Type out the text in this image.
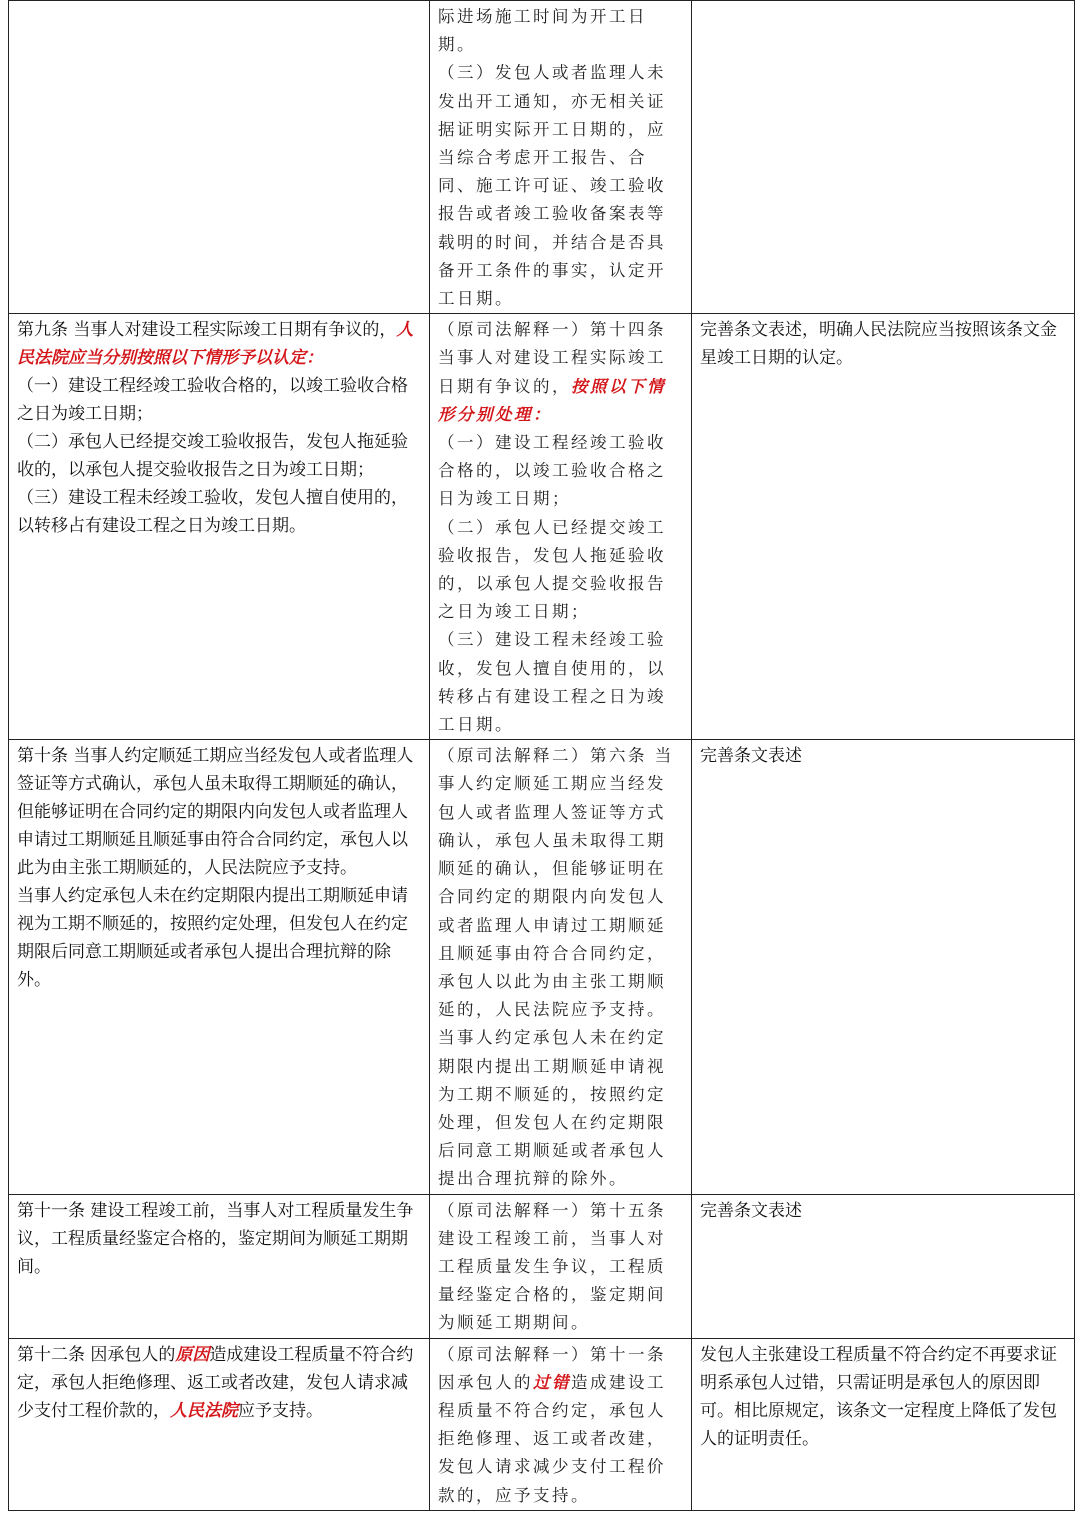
	际进场施工时间为开工日期。
（三）发包人或者监理人未发出开工通知，亦无相关证据证明实际开工日期的，应当综合考虑开工报告、合同、施工许可证、竣工验收报告或者竣工验收备案表等载明的时间，并结合是否具备开工条件的事实，认定开工日期。	

第九条 当事人对建设工程实际竣工日期有争议的，人民法院应当分别按照以下情形予以认定：
（一）建设工程经竣工验收合格的，以竣工验收合格之日为竣工日期；
（二）承包人已经提交竣工验收报告，发包人拖延验收的，以承包人提交验收报告之日为竣工日期；
（三）建设工程未经竣工验收，发包人擅自使用的，以转移占有建设工程之日为竣工日期。	（原司法解释一）第十四条 当事人对建设工程实际竣工日期有争议的，按照以下情形分别处理：
（一）建设工程经竣工验收合格的，以竣工验收合格之日为竣工日期；
（二）承包人已经提交竣工验收报告，发包人拖延验收的，以承包人提交验收报告之日为竣工日期；
（三）建设工程未经竣工验收，发包人擅自使用的，以转移占有建设工程之日为竣工日期。	完善条文表述，明确人民法院应当按照该条文金星竣工日期的认定。

第十条 当事人约定顺延工期应当经发包人或者监理人签证等方式确认，承包人虽未取得工期顺延的确认，但能够证明在合同约定的期限内向发包人或者监理人申请过工期顺延且顺延事由符合合同约定，承包人以此为由主张工期顺延的，人民法院应予支持。
当事人约定承包人未在约定期限内提出工期顺延申请视为工期不顺延的，按照约定处理，但发包人在约定期限后同意工期顺延或者承包人提出合理抗辩的除外。	（原司法解释二）第六条 当事人约定顺延工期应当经发包人或者监理人签证等方式确认，承包人虽未取得工期顺延的确认，但能够证明在合同约定的期限内向发包人或者监理人申请过工期顺延且顺延事由符合合同约定，承包人以此为由主张工期顺延的，人民法院应予支持。
当事人约定承包人未在约定期限内提出工期顺延申请视为工期不顺延的，按照约定处理，但发包人在约定期限后同意工期顺延或者承包人提出合理抗辩的除外。	完善条文表述

第十一条 建设工程竣工前，当事人对工程质量发生争议，工程质量经鉴定合格的，鉴定期间为顺延工期期间。	（原司法解释一）第十五条 建设工程竣工前，当事人对工程质量发生争议，工程质量经鉴定合格的，鉴定期间为顺延工期期间。	完善条文表述

第十二条 因承包人的原因造成建设工程质量不符合约定，承包人拒绝修理、返工或者改建，发包人请求减少支付工程价款的，人民法院应予支持。	（原司法解释一）第十一条 因承包人的过错造成建设工程质量不符合约定，承包人拒绝修理、返工或者改建，发包人请求减少支付工程价款的，应予支持。	发包人主张建设工程质量不符合约定不再要求证明系承包人过错，只需证明是承包人的原因即可。相比原规定，该条文一定程度上降低了发包人的证明责任。
